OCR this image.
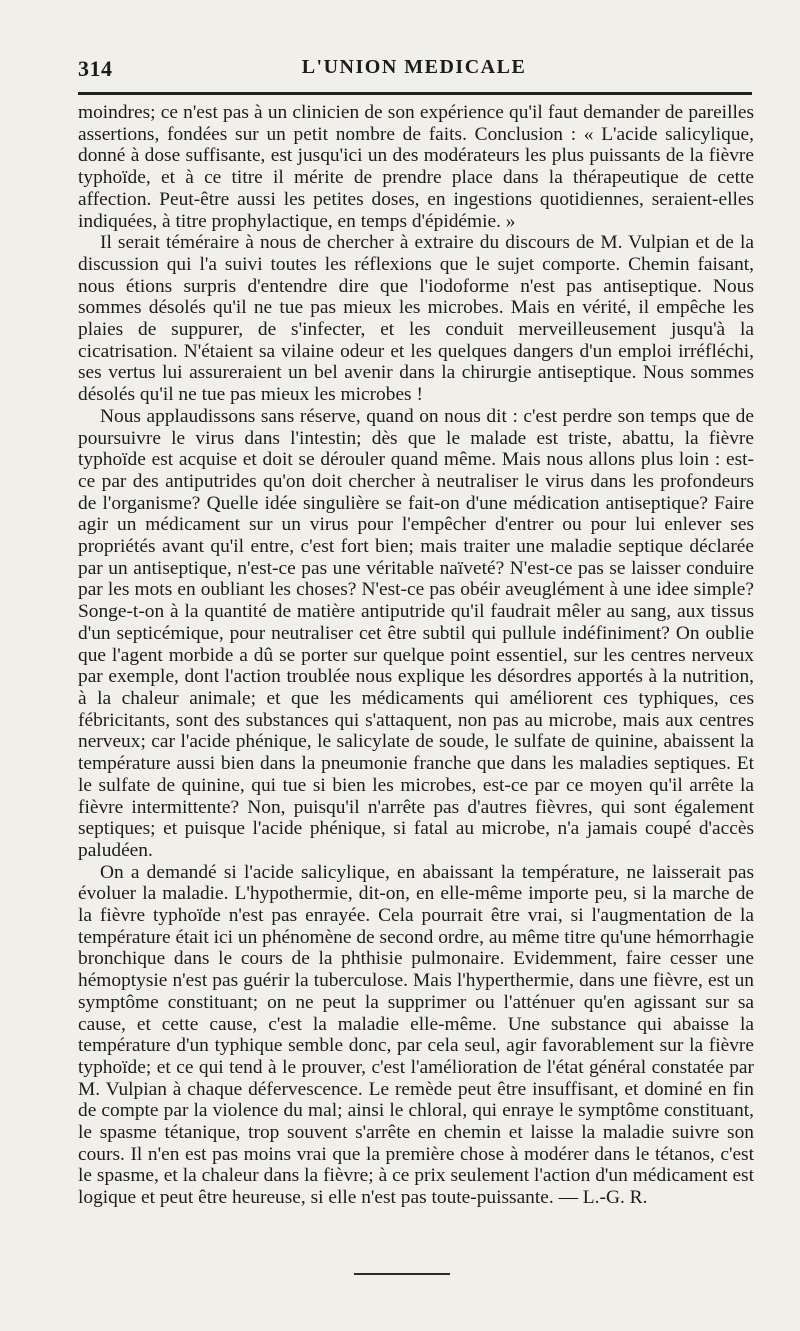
314	L'UNION MEDICALE

moindres; ce n'est pas à un clinicien de son expérience qu'il faut demander de pareilles assertions, fondées sur un petit nombre de faits. Conclusion : « L'acide salicylique, donné à dose suffisante, est jusqu'ici un des modérateurs les plus puissants de la fièvre typhoïde, et à ce titre il mérite de prendre place dans la thérapeutique de cette affection. Peut-être aussi les petites doses, en ingestions quotidiennes, seraient-elles indiquées, à titre prophylactique, en temps d'épidémie. »

Il serait téméraire à nous de chercher à extraire du discours de M. Vulpian et de la discussion qui l'a suivi toutes les réflexions que le sujet comporte. Chemin faisant, nous étions surpris d'entendre dire que l'iodoforme n'est pas antiseptique. Nous sommes désolés qu'il ne tue pas mieux les microbes. Mais en vérité, il empêche les plaies de suppurer, de s'infecter, et les conduit merveilleusement jusqu'à la cicatrisation. N'étaient sa vilaine odeur et les quelques dangers d'un emploi irréfléchi, ses vertus lui assureraient un bel avenir dans la chirurgie antiseptique. Nous sommes désolés qu'il ne tue pas mieux les microbes !

Nous applaudissons sans réserve, quand on nous dit : c'est perdre son temps que de poursuivre le virus dans l'intestin; dès que le malade est triste, abattu, la fièvre typhoïde est acquise et doit se dérouler quand même. Mais nous allons plus loin : est-ce par des antiputrides qu'on doit chercher à neutraliser le virus dans les profondeurs de l'organisme? Quelle idée singulière se fait-on d'une médication antiseptique? Faire agir un médicament sur un virus pour l'empêcher d'entrer ou pour lui enlever ses propriétés avant qu'il entre, c'est fort bien; mais traiter une maladie septique déclarée par un antiseptique, n'est-ce pas une véritable naïveté? N'est-ce pas se laisser conduire par les mots en oubliant les choses? N'est-ce pas obéir aveuglément à une idee simple? Songe-t-on à la quantité de matière antiputride qu'il faudrait mêler au sang, aux tissus d'un septicémique, pour neutraliser cet être subtil qui pullule indéfiniment? On oublie que l'agent morbide a dû se porter sur quelque point essentiel, sur les centres nerveux par exemple, dont l'action troublée nous explique les désordres apportés à la nutrition, à la chaleur animale; et que les médicaments qui améliorent ces typhiques, ces fébricitants, sont des substances qui s'attaquent, non pas au microbe, mais aux centres nerveux; car l'acide phénique, le salicylate de soude, le sulfate de quinine, abaissent la température aussi bien dans la pneumonie franche que dans les maladies septiques. Et le sulfate de quinine, qui tue si bien les microbes, est-ce par ce moyen qu'il arrête la fièvre intermittente? Non, puisqu'il n'arrête pas d'autres fièvres, qui sont également septiques; et puisque l'acide phénique, si fatal au microbe, n'a jamais coupé d'accès paludéen.

On a demandé si l'acide salicylique, en abaissant la température, ne laisserait pas évoluer la maladie. L'hypothermie, dit-on, en elle-même importe peu, si la marche de la fièvre typhoïde n'est pas enrayée. Cela pourrait être vrai, si l'augmentation de la température était ici un phénomène de second ordre, au même titre qu'une hémorrhagie bronchique dans le cours de la phthisie pulmonaire. Evidemment, faire cesser une hémoptysie n'est pas guérir la tuberculose. Mais l'hyperthermie, dans une fièvre, est un symptôme constituant; on ne peut la supprimer ou l'atténuer qu'en agissant sur sa cause, et cette cause, c'est la maladie elle-même. Une substance qui abaisse la température d'un typhique semble donc, par cela seul, agir favorablement sur la fièvre typhoïde; et ce qui tend à le prouver, c'est l'amélioration de l'état général constatée par M. Vulpian à chaque défervescence. Le remède peut être insuffisant, et dominé en fin de compte par la violence du mal; ainsi le chloral, qui enraye le symptôme constituant, le spasme tétanique, trop souvent s'arrête en chemin et laisse la maladie suivre son cours. Il n'en est pas moins vrai que la première chose à modérer dans le tétanos, c'est le spasme, et la chaleur dans la fièvre; à ce prix seulement l'action d'un médicament est logique et peut être heureuse, si elle n'est pas toute-puissante. — L.-G. R.
